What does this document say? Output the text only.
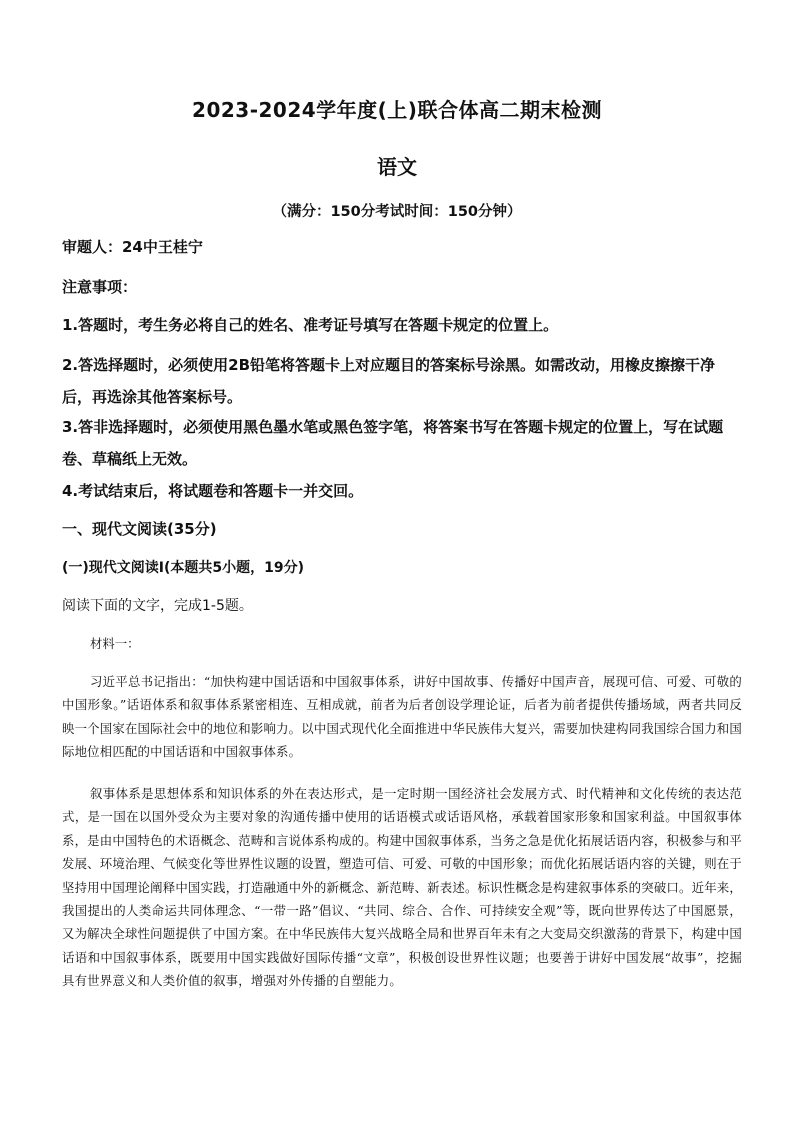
2023-2024学年度(上)联合体高二期末检测
语文
（满分：150分考试时间：150分钟）
审题人：24中王桂宁
注意事项：
1.答题时，考生务必将自己的姓名、准考证号填写在答题卡规定的位置上。
2.答选择题时，必须使用2B铅笔将答题卡上对应题目的答案标号涂黑。如需改动，用橡皮擦擦干净后，再选涂其他答案标号。
3.答非选择题时，必须使用黑色墨水笔或黑色签字笔，将答案书写在答题卡规定的位置上，写在试题卷、草稿纸上无效。
4.考试结束后，将试题卷和答题卡一并交回。
一、现代文阅读(35分)
(一)现代文阅读Ⅰ(本题共5小题，19分)
阅读下面的文字，完成1-5题。
材料一：
习近平总书记指出：“加快构建中国话语和中国叙事体系，讲好中国故事、传播好中国声音，展现可信、可爱、可敬的中国形象。”话语体系和叙事体系紧密相连、互相成就，前者为后者创设学理论证，后者为前者提供传播场域，两者共同反映一个国家在国际社会中的地位和影响力。以中国式现代化全面推进中华民族伟大复兴，需要加快建构同我国综合国力和国际地位相匹配的中国话语和中国叙事体系。
叙事体系是思想体系和知识体系的外在表达形式，是一定时期一国经济社会发展方式、时代精神和文化传统的表达范式，是一国在以国外受众为主要对象的沟通传播中使用的话语模式或话语风格，承载着国家形象和国家利益。中国叙事体系，是由中国特色的术语概念、范畴和言说体系构成的。构建中国叙事体系，当务之急是优化拓展话语内容，积极参与和平发展、环境治理、气候变化等世界性议题的设置，塑造可信、可爱、可敬的中国形象；而优化拓展话语内容的关键，则在于坚持用中国理论阐释中国实践，打造融通中外的新概念、新范畴、新表述。标识性概念是构建叙事体系的突破口。近年来，我国提出的人类命运共同体理念、“一带一路”倡议、“共同、综合、合作、可持续安全观”等，既向世界传达了中国愿景，又为解决全球性问题提供了中国方案。在中华民族伟大复兴战略全局和世界百年未有之大变局交织激荡的背景下，构建中国话语和中国叙事体系，既要用中国实践做好国际传播“文章”，积极创设世界性议题；也要善于讲好中国发展“故事”，挖掘具有世界意义和人类价值的叙事，增强对外传播的自塑能力。
